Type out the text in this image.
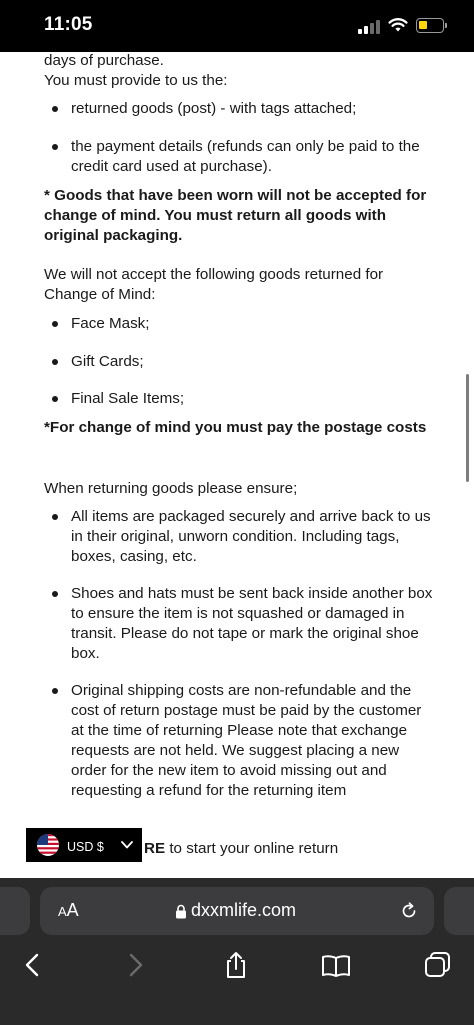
11:05
days of purchase.
You must provide to us the:
returned goods (post) - with tags attached;
the payment details (refunds can only be paid to the credit card used at purchase).
* Goods that have been worn will not be accepted for change of mind. You must return all goods with original packaging.
We will not accept the following goods returned for Change of Mind:
Face Mask;
Gift Cards;
Final Sale Items;
*For change of mind you must pay the postage costs
When returning goods please ensure;
All items are packaged securely and arrive back to us in their original, unworn condition. Including tags, boxes, casing, etc.
Shoes and hats must be sent back inside another box to ensure the item is not squashed or damaged in transit. Please do not tape or mark the original shoe box.
Original shipping costs are non-refundable and the cost of return postage must be paid by the customer at the time of returning Please note that exchange requests are not held. We suggest placing a new order for the new item to avoid missing out and requesting a refund for the returning item
USD $	RE to start your online return
AA	dxxmlife.com
